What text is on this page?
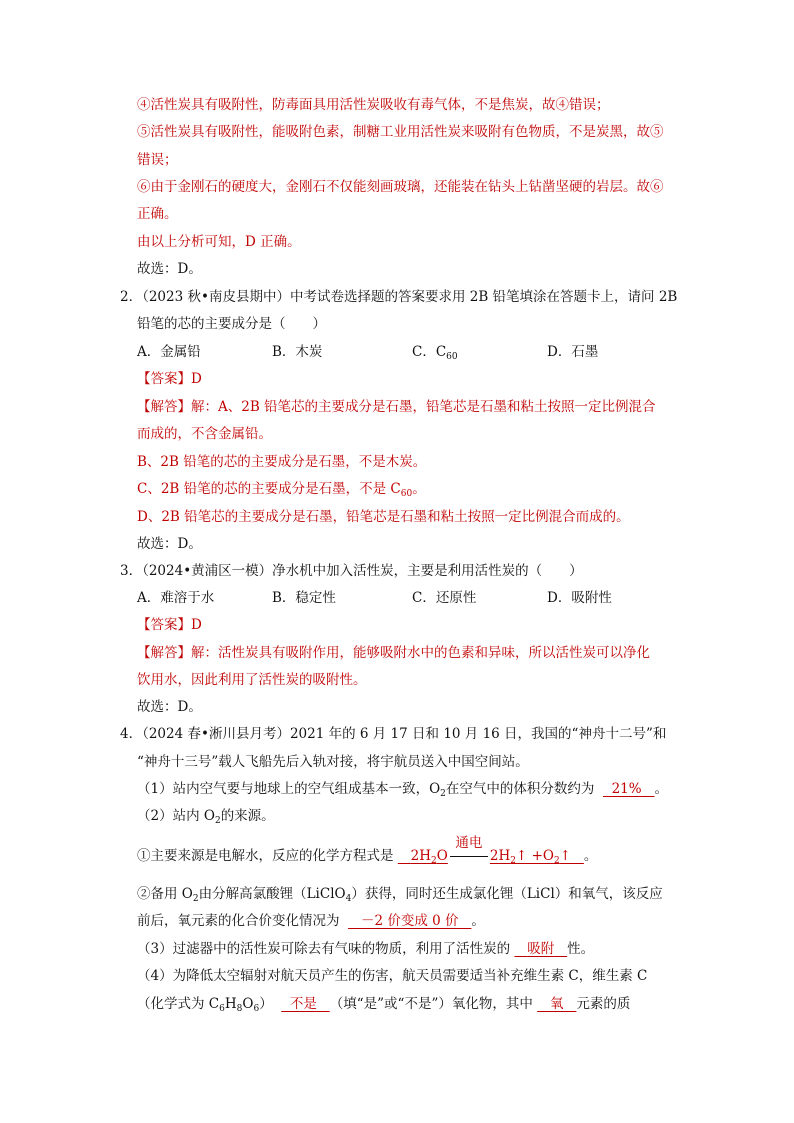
④活性炭具有吸附性，防毒面具用活性炭吸收有毒气体，不是焦炭，故④错误；
⑤活性炭具有吸附性，能吸附色素，制糖工业用活性炭来吸附有色物质，不是炭黑，故⑤
错误；
⑥由于金刚石的硬度大，金刚石不仅能刻画玻璃，还能装在钻头上钻凿坚硬的岩层。故⑥
正确。
由以上分析可知，D 正确。
故选：D。
2．（2023 秋•南皮县期中）中考试卷选择题的答案要求用 2B 铅笔填涂在答题卡上，请问 2B
铅笔的芯的主要成分是（　　）
A．金属铅	B．木炭	C．$C_{60}$	D．石墨
【答案】D
【解答】解：A、2B 铅笔芯的主要成分是石墨，铅笔芯是石墨和粘土按照一定比例混合
而成的，不含金属铅。
B、2B 铅笔的芯的主要成分是石墨，不是木炭。
C、2B 铅笔的芯的主要成分是石墨，不是 $C_{60}$。
D、2B 铅笔芯的主要成分是石墨，铅笔芯是石墨和粘土按照一定比例混合而成的。
故选：D。
3．（2024•黄浦区一模）净水机中加入活性炭，主要是利用活性炭的（　　）
A．难溶于水	B．稳定性	C．还原性	D．吸附性
【答案】D
【解答】解：活性炭具有吸附作用，能够吸附水中的色素和异味，所以活性炭可以净化
饮用水，因此利用了活性炭的吸附性。
故选：D。
4．（2024 春•淅川县月考）2021 年的 6 月 17 日和 10 月 16 日，我国的“神舟十二号”和
“神舟十三号”载人飞船先后入轨对接，将宇航员送入中国空间站。
（1）站内空气要与地球上的空气组成基本一致，$O_2$在空气中的体积分数约为 21% 。
（2）站内 $O_2$的来源。
①主要来源是电解水，反应的化学方程式是 $2H_2O$
通电
$2H_2↑$ $+O_2↑$ 。
②备用 $O_2$由分解高氯酸锂（LiClO$_4$）获得，同时还生成氯化锂（LiCl）和氧气，该反应
前后，氧元素的化合价变化情况为 －2 价变成 0 价 。
（3）过滤器中的活性炭可除去有气味的物质，利用了活性炭的 吸附 性。
（4）为降低太空辐射对航天员产生的伤害，航天员需要适当补充维生素 C，维生素 C
（化学式为 $C_6H_8O_6$） 不是 （填“是”或“不是”）氧化物，其中 氧 元素的质
